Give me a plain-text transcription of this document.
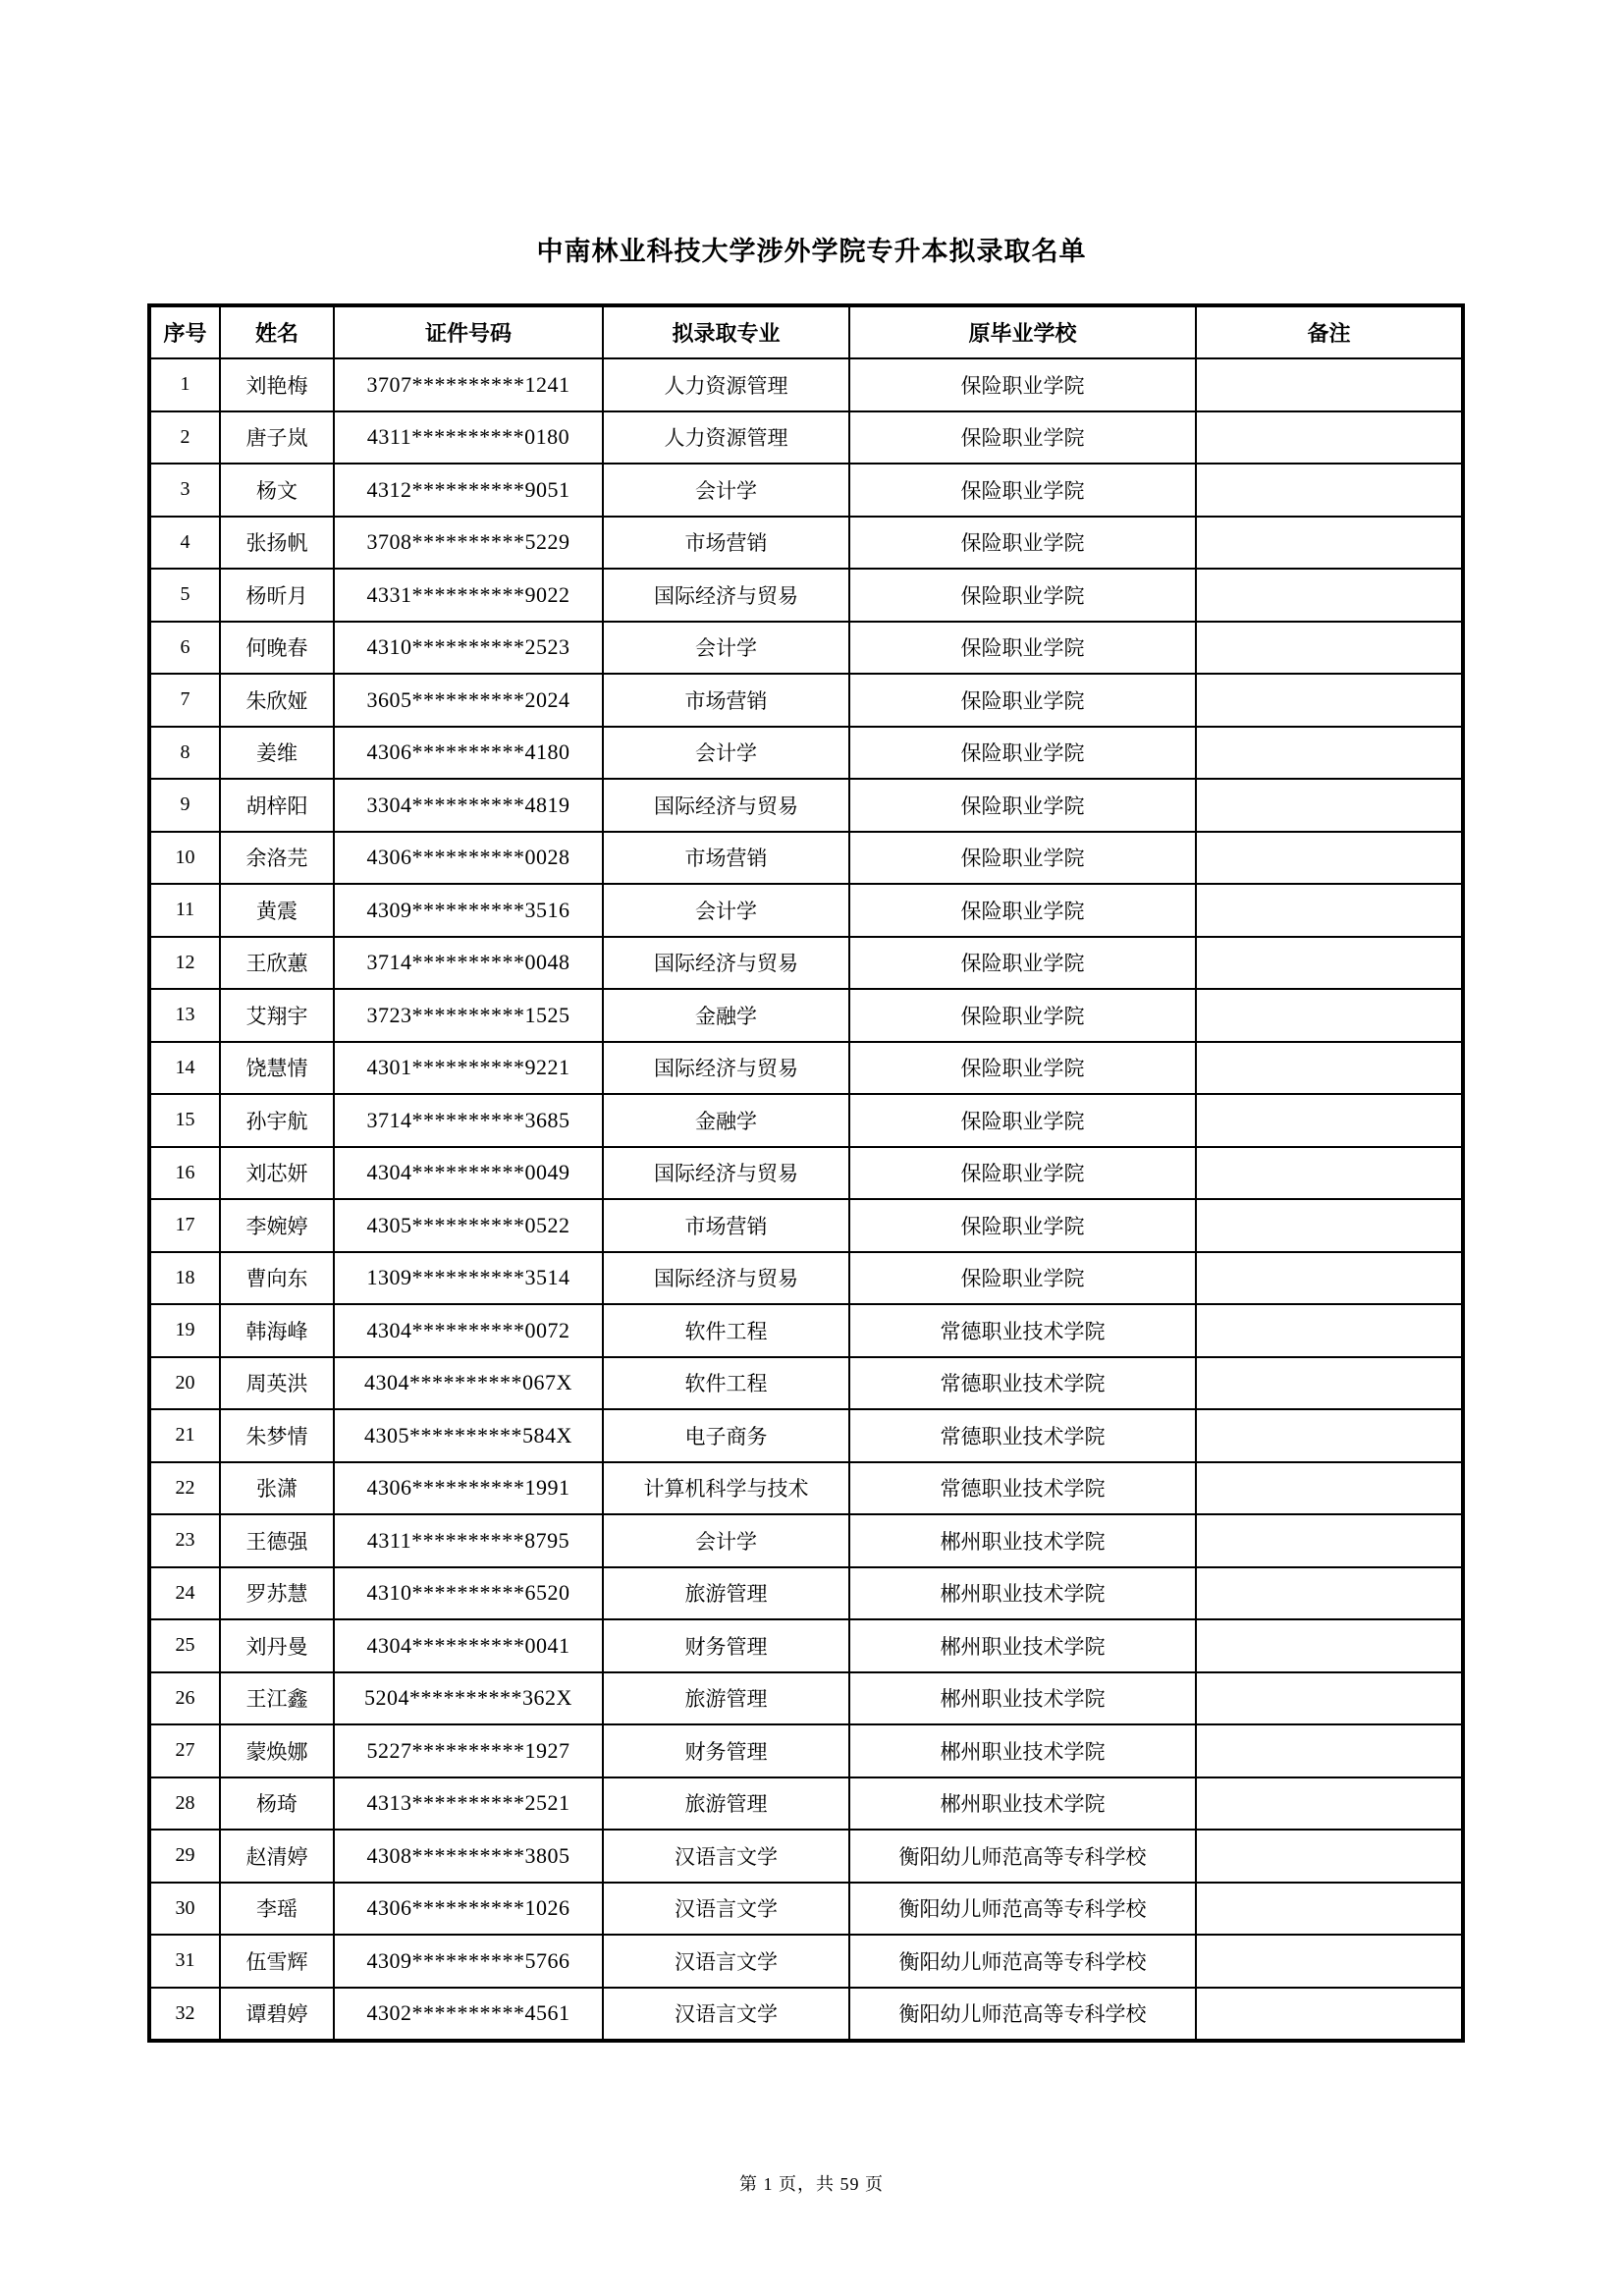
中南林业科技大学涉外学院专升本拟录取名单
序号	姓名	证件号码	拟录取专业	原毕业学校	备注
1	刘艳梅	3707**********1241	人力资源管理	保险职业学院	
2	唐子岚	4311**********0180	人力资源管理	保险职业学院	
3	杨文	4312**********9051	会计学	保险职业学院	
4	张扬帆	3708**********5229	市场营销	保险职业学院	
5	杨昕月	4331**********9022	国际经济与贸易	保险职业学院	
6	何晚春	4310**********2523	会计学	保险职业学院	
7	朱欣娅	3605**********2024	市场营销	保险职业学院	
8	姜维	4306**********4180	会计学	保险职业学院	
9	胡梓阳	3304**********4819	国际经济与贸易	保险职业学院	
10	余洛芫	4306**********0028	市场营销	保险职业学院	
11	黄震	4309**********3516	会计学	保险职业学院	
12	王欣蕙	3714**********0048	国际经济与贸易	保险职业学院	
13	艾翔宇	3723**********1525	金融学	保险职业学院	
14	饶慧情	4301**********9221	国际经济与贸易	保险职业学院	
15	孙宇航	3714**********3685	金融学	保险职业学院	
16	刘芯妍	4304**********0049	国际经济与贸易	保险职业学院	
17	李婉婷	4305**********0522	市场营销	保险职业学院	
18	曹向东	1309**********3514	国际经济与贸易	保险职业学院	
19	韩海峰	4304**********0072	软件工程	常德职业技术学院	
20	周英洪	4304**********067X	软件工程	常德职业技术学院	
21	朱梦情	4305**********584X	电子商务	常德职业技术学院	
22	张潇	4306**********1991	计算机科学与技术	常德职业技术学院	
23	王德强	4311**********8795	会计学	郴州职业技术学院	
24	罗苏慧	4310**********6520	旅游管理	郴州职业技术学院	
25	刘丹曼	4304**********0041	财务管理	郴州职业技术学院	
26	王江鑫	5204**********362X	旅游管理	郴州职业技术学院	
27	蒙焕娜	5227**********1927	财务管理	郴州职业技术学院	
28	杨琦	4313**********2521	旅游管理	郴州职业技术学院	
29	赵清婷	4308**********3805	汉语言文学	衡阳幼儿师范高等专科学校	
30	李瑶	4306**********1026	汉语言文学	衡阳幼儿师范高等专科学校	
31	伍雪辉	4309**********5766	汉语言文学	衡阳幼儿师范高等专科学校	
32	谭碧婷	4302**********4561	汉语言文学	衡阳幼儿师范高等专科学校	
第 1 页，共 59 页
